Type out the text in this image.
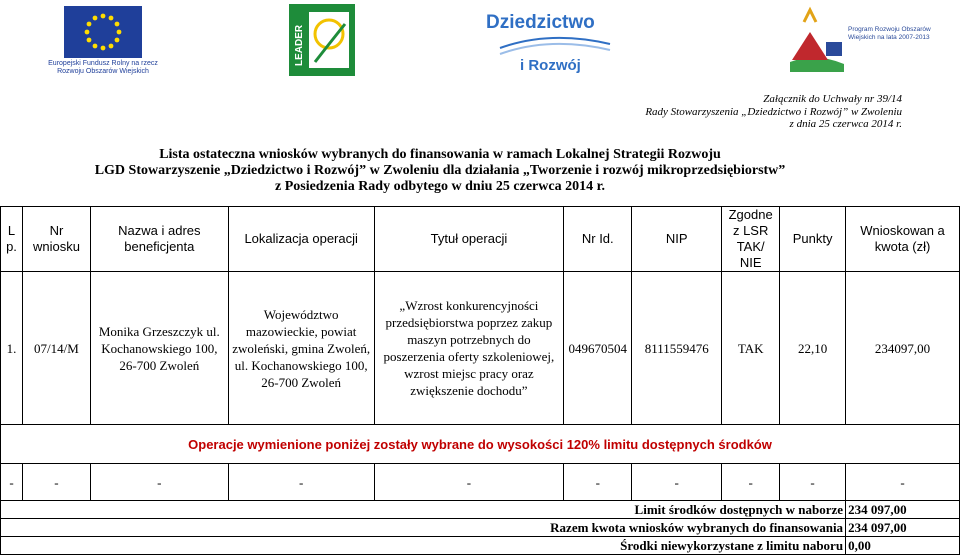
Europejski Fundusz Rolny na rzecz Rozwoju Obszarów Wiejskich
LEADER
Dziedzictwo
i Rozwój
Program Rozwoju Obszarów Wiejskich na lata 2007-2013
Załącznik do Uchwały nr 39/14
Rady Stowarzyszenia „Dziedzictwo i Rozwój” w Zwoleniu
z dnia 25 czerwca 2014 r.
Lista ostateczna wniosków wybranych do finansowania w ramach Lokalnej Strategii Rozwoju
LGD Stowarzyszenie „Dziedzictwo i Rozwój” w Zwoleniu dla działania „Tworzenie i rozwój mikroprzedsiębiorstw”
z Posiedzenia Rady odbytego w dniu 25 czerwca 2014 r.
L p.	Nr wniosku	Nazwa i adres beneficjenta	Lokalizacja operacji	Tytuł operacji	Nr Id.	NIP	Zgodne z LSR TAK/ NIE	Punkty	Wnioskowan a kwota (zł)
1.	07/14/M	Monika Grzeszczyk ul. Kochanowskiego 100, 26-700 Zwoleń	Województwo mazowieckie, powiat zwoleński, gmina Zwoleń, ul. Kochanowskiego 100, 26-700 Zwoleń	„Wzrost konkurencyjności przedsiębiorstwa poprzez zakup maszyn potrzebnych do poszerzenia oferty szkoleniowej, wzrost miejsc pracy oraz zwiększenie dochodu”	049670504	8111559476	TAK	22,10	234097,00
Operacje wymienione poniżej zostały wybrane do wysokości 120% limitu dostępnych środków									
-	-	-	-	-	-	-	-	-	-
Limit środków dostępnych w naborze									234 097,00
Razem kwota wniosków wybranych do finansowania									234 097,00
Środki niewykorzystane z limitu naboru									0,00
